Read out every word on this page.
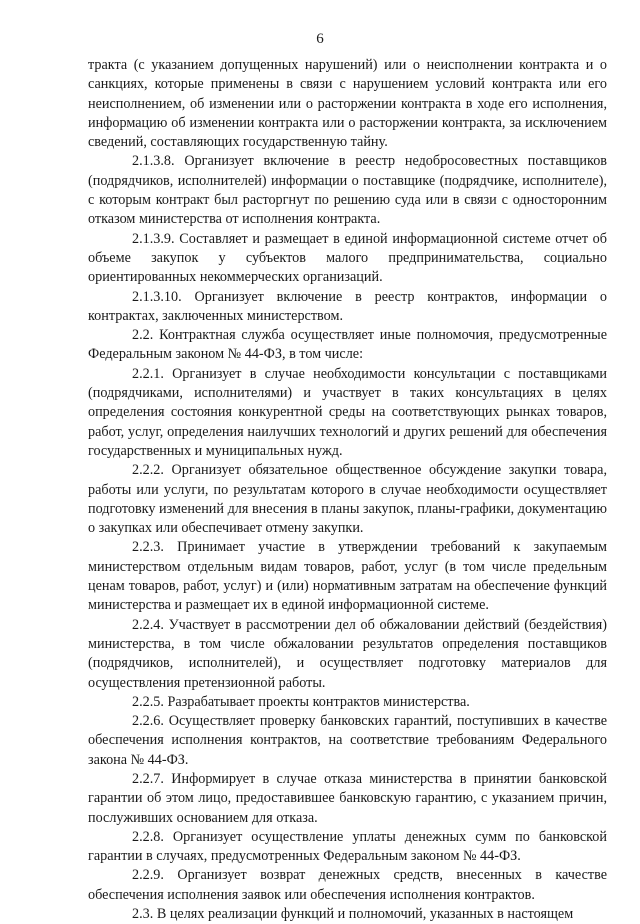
6

тракта (с указанием допущенных нарушений) или о неисполнении контракта и о санкциях, которые применены в связи с нарушением условий контракта или его неисполнением, об изменении или о расторжении контракта в ходе его исполнения, информацию об изменении контракта или о расторжении контракта, за исключением сведений, составляющих государственную тайну.

2.1.3.8. Организует включение в реестр недобросовестных поставщиков (подрядчиков, исполнителей) информации о поставщике (подрядчике, исполнителе), с которым контракт был расторгнут по решению суда или в связи с односторонним отказом министерства от исполнения контракта.

2.1.3.9. Составляет и размещает в единой информационной системе отчет об объеме закупок у субъектов малого предпринимательства, социально ориентированных некоммерческих организаций.

2.1.3.10. Организует включение в реестр контрактов, информации о контрактах, заключенных министерством.

2.2. Контрактная служба осуществляет иные полномочия, предусмотренные Федеральным законом № 44-ФЗ, в том числе:

2.2.1. Организует в случае необходимости консультации с поставщиками (подрядчиками, исполнителями) и участвует в таких консультациях в целях определения состояния конкурентной среды на соответствующих рынках товаров, работ, услуг, определения наилучших технологий и других решений для обеспечения государственных и муниципальных нужд.

2.2.2. Организует обязательное общественное обсуждение закупки товара, работы или услуги, по результатам которого в случае необходимости осуществляет подготовку изменений для внесения в планы закупок, планы-графики, документацию о закупках или обеспечивает отмену закупки.

2.2.3. Принимает участие в утверждении требований к закупаемым министерством отдельным видам товаров, работ, услуг (в том числе предельным ценам товаров, работ, услуг) и (или) нормативным затратам на обеспечение функций министерства и размещает их в единой информационной системе.

2.2.4. Участвует в рассмотрении дел об обжаловании действий (бездействия) министерства, в том числе обжаловании результатов определения поставщиков (подрядчиков, исполнителей), и осуществляет подготовку материалов для осуществления претензионной работы.

2.2.5. Разрабатывает проекты контрактов министерства.

2.2.6. Осуществляет проверку банковских гарантий, поступивших в качестве обеспечения исполнения контрактов, на соответствие требованиям Федерального закона № 44-ФЗ.

2.2.7. Информирует в случае отказа министерства в принятии банковской гарантии об этом лицо, предоставившее банковскую гарантию, с указанием причин, послуживших основанием для отказа.

2.2.8. Организует осуществление уплаты денежных сумм по банковской гарантии в случаях, предусмотренных Федеральным законом № 44-ФЗ.

2.2.9. Организует возврат денежных средств, внесенных в качестве обеспечения исполнения заявок или обеспечения исполнения контрактов.

2.3. В целях реализации функций и полномочий, указанных в настоящем
